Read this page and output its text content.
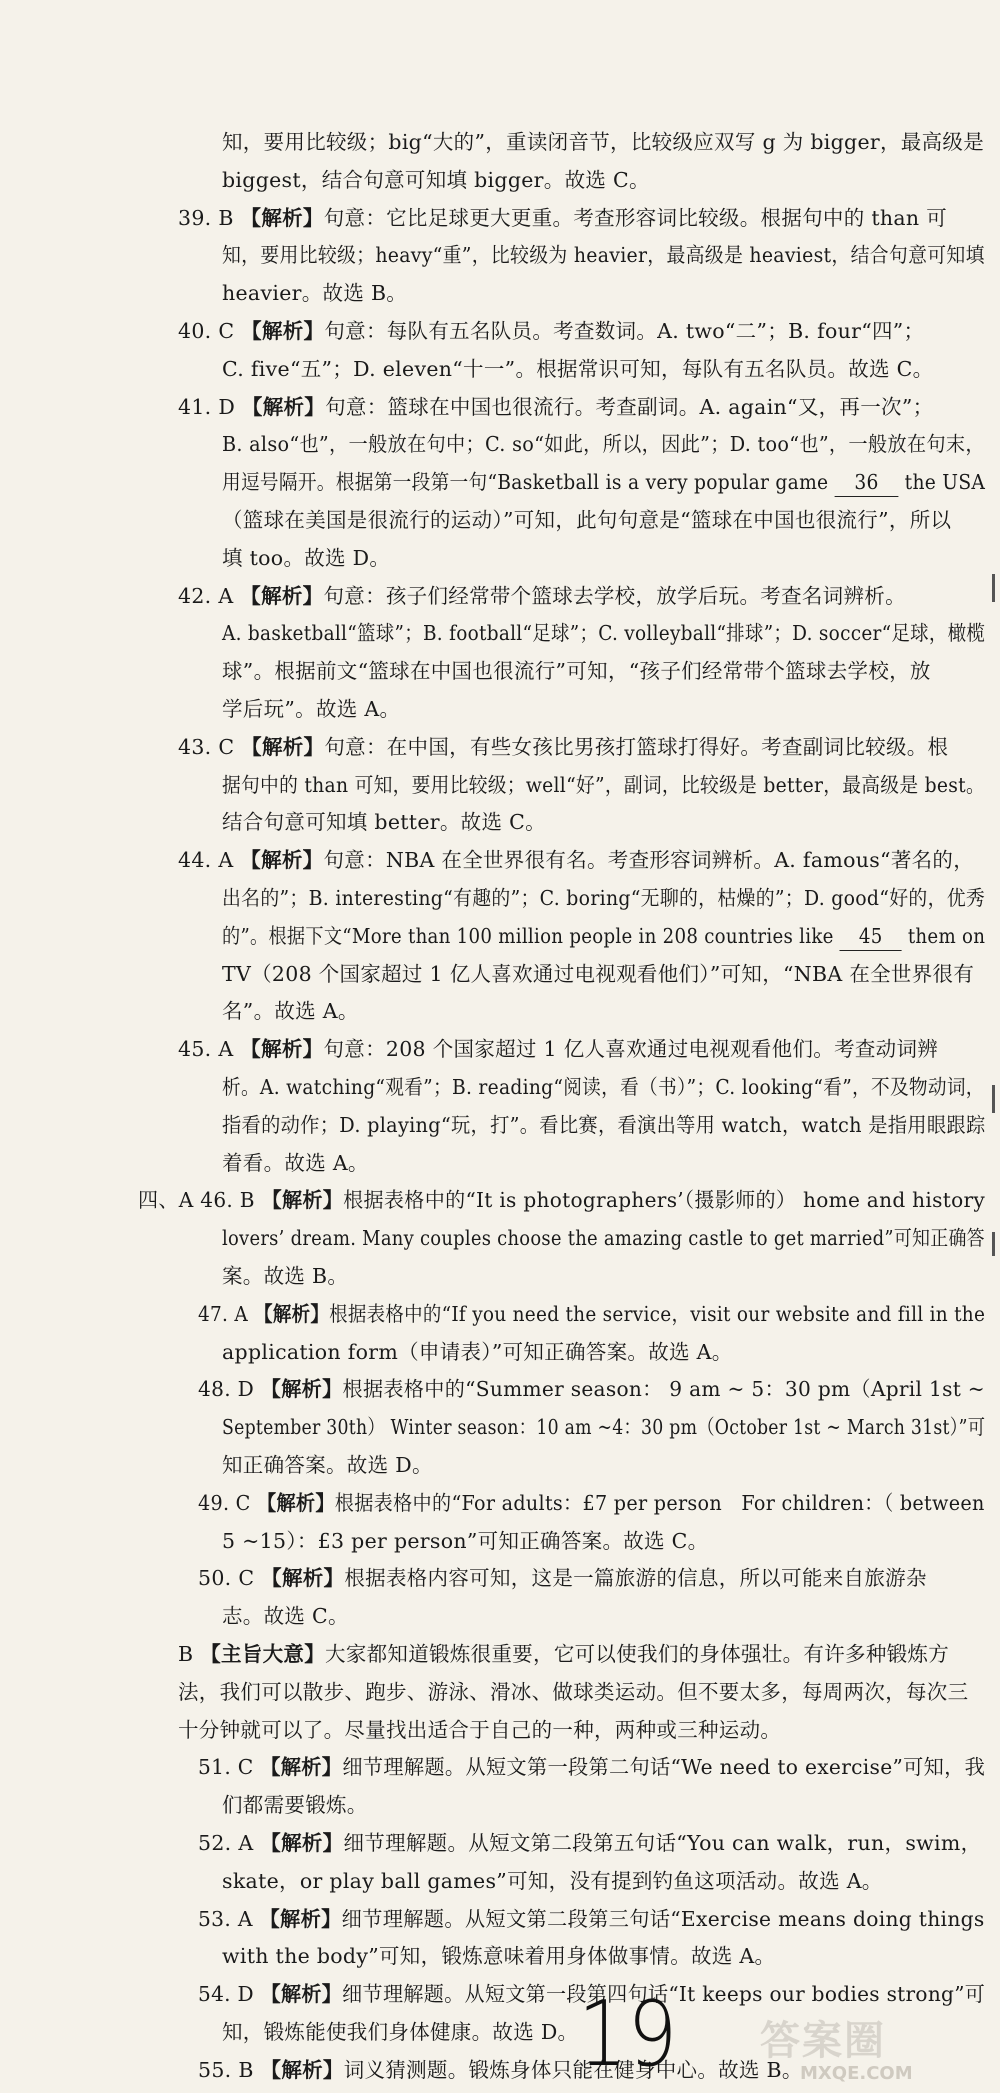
知，要用比较级；big“大的”，重读闭音节，比较级应双写 g 为 bigger，最高级是
biggest，结合句意可知填 bigger。故选 C。
39. B 【解析】句意：它比足球更大更重。考查形容词比较级。根据句中的 than 可
知，要用比较级；heavy“重”，比较级为 heavier，最高级是 heaviest，结合句意可知填
heavier。故选 B。
40. C 【解析】句意：每队有五名队员。考查数词。A. two“二”；B. four“四”；
C. five“五”；D. eleven“十一”。根据常识可知，每队有五名队员。故选 C。
41. D 【解析】句意：篮球在中国也很流行。考查副词。A. again“又，再一次”；
B. also“也”，一般放在句中；C. so“如此，所以，因此”；D. too“也”，一般放在句末，
用逗号隔开。根据第一段第一句“Basketball is a very popular game 36 the USA
（篮球在美国是很流行的运动）”可知，此句句意是“篮球在中国也很流行”，所以
填 too。故选 D。
42. A 【解析】句意：孩子们经常带个篮球去学校，放学后玩。考查名词辨析。
A. basketball“篮球”；B. football“足球”；C. volleyball“排球”；D. soccer“足球，橄榄
球”。根据前文“篮球在中国也很流行”可知，“孩子们经常带个篮球去学校，放
学后玩”。故选 A。
43. C 【解析】句意：在中国，有些女孩比男孩打篮球打得好。考查副词比较级。根
据句中的 than 可知，要用比较级；well“好”，副词，比较级是 better，最高级是 best。
结合句意可知填 better。故选 C。
44. A 【解析】句意：NBA 在全世界很有名。考查形容词辨析。A. famous“著名的，
出名的”；B. interesting“有趣的”；C. boring“无聊的，枯燥的”；D. good“好的，优秀
的”。根据下文“More than 100 million people in 208 countries like 45 them on
TV（208 个国家超过 1 亿人喜欢通过电视观看他们）”可知，“NBA 在全世界很有
名”。故选 A。
45. A 【解析】句意：208 个国家超过 1 亿人喜欢通过电视观看他们。考查动词辨
析。A. watching“观看”；B. reading“阅读，看（书）”；C. looking“看”，不及物动词，
指看的动作；D. playing“玩，打”。看比赛，看演出等用 watch，watch 是指用眼跟踪
着看。故选 A。
四、A 46. B 【解析】根据表格中的“It is photographers’（摄影师的） home and history
lovers’ dream. Many couples choose the amazing castle to get married”可知正确答
案。故选 B。
47. A 【解析】根据表格中的“If you need the service，visit our website and fill in the
application form（申请表）”可知正确答案。故选 A。
48. D 【解析】根据表格中的“Summer season： 9 am ~ 5：30 pm（April 1st ~
September 30th） Winter season：10 am ~4：30 pm（October 1st ~ March 31st）”可
知正确答案。故选 D。
49. C 【解析】根据表格中的“For adults：£7 per person　For children：（ between
5 ~15）：£3 per person”可知正确答案。故选 C。
50. C 【解析】根据表格内容可知，这是一篇旅游的信息，所以可能来自旅游杂
志。故选 C。
B 【主旨大意】大家都知道锻炼很重要，它可以使我们的身体强壮。有许多种锻炼方
法，我们可以散步、跑步、游泳、滑冰、做球类运动。但不要太多，每周两次，每次三
十分钟就可以了。尽量找出适合于自己的一种，两种或三种运动。
51. C 【解析】细节理解题。从短文第一段第二句话“We need to exercise”可知，我
们都需要锻炼。
52. A 【解析】细节理解题。从短文第二段第五句话“You can walk，run，swim，
skate，or play ball games”可知，没有提到钓鱼这项活动。故选 A。
53. A 【解析】细节理解题。从短文第二段第三句话“Exercise means doing things
with the body”可知，锻炼意味着用身体做事情。故选 A。
54. D 【解析】细节理解题。从短文第一段第四句话“It keeps our bodies strong”可
知，锻炼能使我们身体健康。故选 D。
55. B 【解析】词义猜测题。锻炼身体只能在健身中心。故选 B。
19 答案圈
MXQE.COM
